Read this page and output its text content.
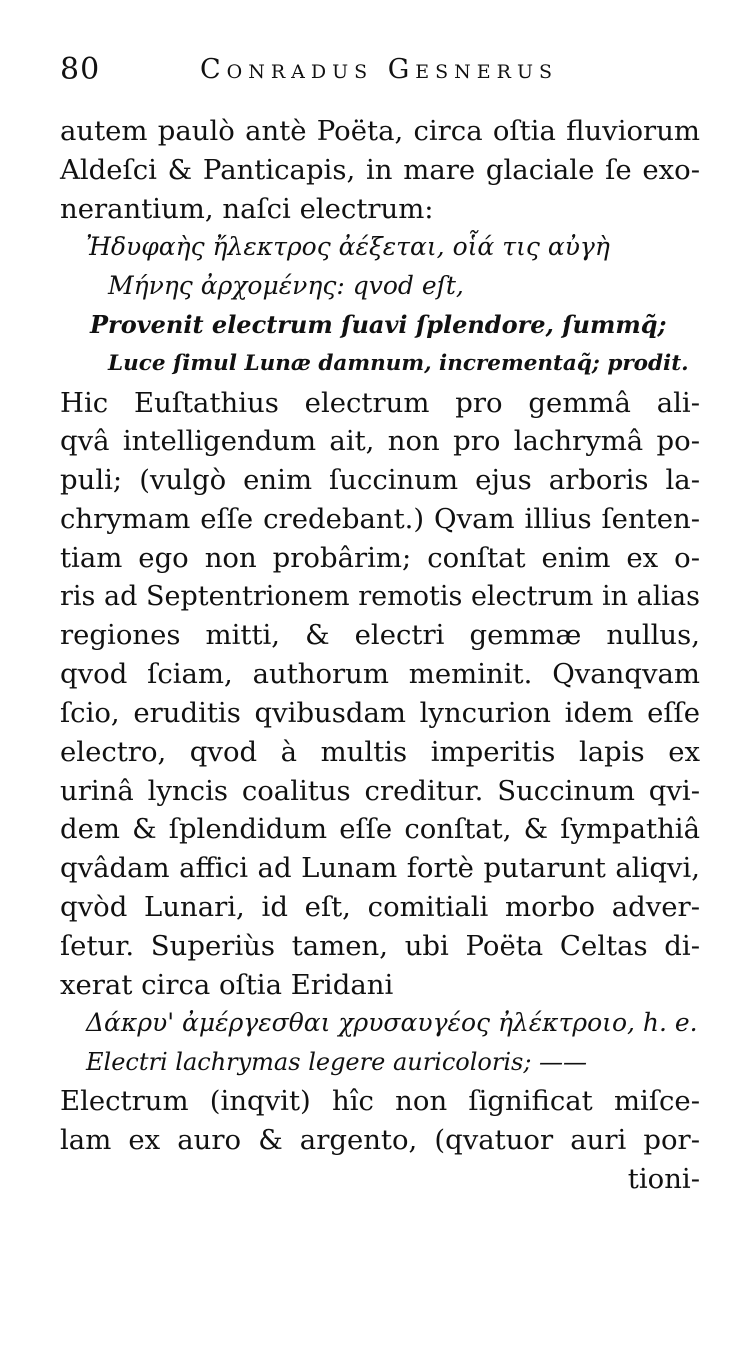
80	Conradus Gesnerus
autem paulò antè Poëta, circa oſtia fluviorum
Aldeſci & Panticapis, in mare glaciale ſe exo-
nerantium, naſci electrum:
Ἠδυφαὴς ἤλεκτρος ἀέξεται, οἷά τις αὐγὴ
Μήνης ἀρχομένης: qvod eſt,
Provenit electrum ſuavi ſplendore, ſummq̃;
Luce ſimul Lunæ damnum, incrementaq̃; prodit.
Hic Euſtathius electrum pro gemmâ ali-
qvâ intelligendum ait, non pro lachrymâ po-
puli; (vulgò enim ſuccinum ejus arboris la-
chrymam eſſe credebant.) Qvam illius ſenten-
tiam ego non probârim; conſtat enim ex o-
ris ad Septentrionem remotis electrum in alias
regiones mitti, & electri gemmæ nullus,
qvod ſciam, authorum meminit. Qvanqvam
ſcio, eruditis qvibusdam lyncurion idem eſſe
electro, qvod à multis imperitis lapis ex
urinâ lyncis coalitus creditur. Succinum qvi-
dem & ſplendidum eſſe conſtat, & ſympathiâ
qvâdam affici ad Lunam fortè putarunt aliqvi,
qvòd Lunari, id eſt, comitiali morbo adver-
ſetur. Superiùs tamen, ubi Poëta Celtas di-
xerat circa oſtia Eridani
Δάκρυ' ἀμέργεσθαι χρυσαυγέος ἠλέκτροιο, h. e.
Electri lachrymas legere auricoloris; ——
Electrum (inqvit) hîc non ſignificat miſce-
lam ex auro & argento, (qvatuor auri por-
tioni-
